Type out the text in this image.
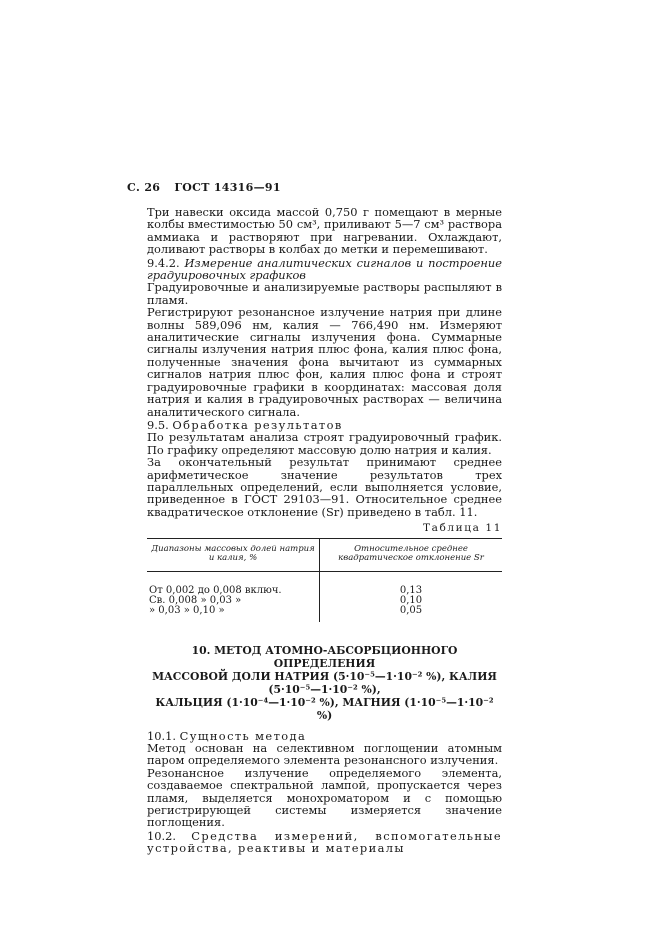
С. 26 ГОСТ 14316—91

Три навески оксида массой 0,750 г помещают в мерные колбы вместимостью 50 см³, приливают 5—7 см³ раствора аммиака и растворяют при нагревании. Охлаждают, доливают растворы в колбах до метки и перемешивают.

9.4.2. Измерение аналитических сигналов и построение градуировочных графиков

Градуировочные и анализируемые растворы распыляют в пламя.

Регистрируют резонансное излучение натрия при длине волны 589,096 нм, калия — 766,490 нм. Измеряют аналитические сигналы излучения фона. Суммарные сигналы излучения натрия плюс фона, калия плюс фона, полученные значения фона вычитают из суммарных сигналов натрия плюс фон, калия плюс фона и строят градуировочные графики в координатах: массовая доля натрия и калия в градуировочных растворах — величина аналитического сигнала.

9.5. Обработка результатов

По результатам анализа строят градуировочный график. По графику определяют массовую долю натрия и калия.

За окончательный результат принимают среднее арифметическое значение результатов трех параллельных определений, если выполняется условие, приведенное в ГОСТ 29103—91. Относительное среднее квадратическое отклонение (Sr) приведено в табл. 11.

Таблица 11
Диапазоны массовых долей натрия и калия, %	Относительное среднее квадратическое отклонение Sr
От 0,002 до 0,008 включ.	0,13
Св. 0,008 » 0,03 »	0,10
» 0,03 » 0,10 »	0,05
10. МЕТОД АТОМНО-АБСОРБЦИОННОГО ОПРЕДЕЛЕНИЯ
МАССОВОЙ ДОЛИ НАТРИЯ (5·10⁻⁵—1·10⁻² %), КАЛИЯ (5·10⁻⁵—1·10⁻² %),
КАЛЬЦИЯ (1·10⁻⁴—1·10⁻² %), МАГНИЯ (1·10⁻⁵—1·10⁻² %)

10.1. Сущность метода

Метод основан на селективном поглощении атомным паром определяемого элемента резонансного излучения.

Резонансное излучение определяемого элемента, создаваемое спектральной лампой, пропускается через пламя, выделяется монохроматором и с помощью регистрирующей системы измеряется значение поглощения.

10.2. Средства измерений, вспомогательные устройства, реактивы и материалы
